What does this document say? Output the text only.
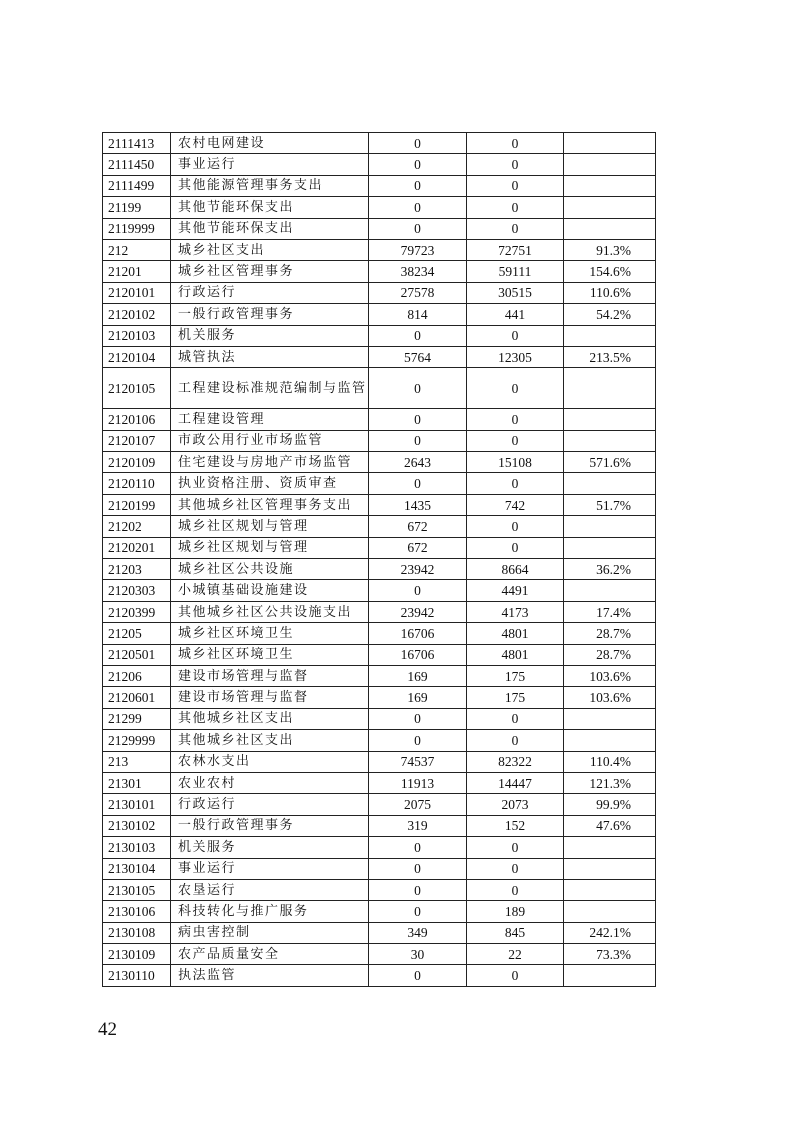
2111413	农村电网建设	0	0	
2111450	事业运行	0	0	
2111499	其他能源管理事务支出	0	0	
21199	其他节能环保支出	0	0	
2119999	其他节能环保支出	0	0	
212	城乡社区支出	79723	72751	91.3%
21201	城乡社区管理事务	38234	59111	154.6%
2120101	行政运行	27578	30515	110.6%
2120102	一般行政管理事务	814	441	54.2%
2120103	机关服务	0	0	
2120104	城管执法	5764	12305	213.5%
2120105	工程建设标准规范编制与监管	0	0	
2120106	工程建设管理	0	0	
2120107	市政公用行业市场监管	0	0	
2120109	住宅建设与房地产市场监管	2643	15108	571.6%
2120110	执业资格注册、资质审查	0	0	
2120199	其他城乡社区管理事务支出	1435	742	51.7%
21202	城乡社区规划与管理	672	0	
2120201	城乡社区规划与管理	672	0	
21203	城乡社区公共设施	23942	8664	36.2%
2120303	小城镇基础设施建设	0	4491	
2120399	其他城乡社区公共设施支出	23942	4173	17.4%
21205	城乡社区环境卫生	16706	4801	28.7%
2120501	城乡社区环境卫生	16706	4801	28.7%
21206	建设市场管理与监督	169	175	103.6%
2120601	建设市场管理与监督	169	175	103.6%
21299	其他城乡社区支出	0	0	
2129999	其他城乡社区支出	0	0	
213	农林水支出	74537	82322	110.4%
21301	农业农村	11913	14447	121.3%
2130101	行政运行	2075	2073	99.9%
2130102	一般行政管理事务	319	152	47.6%
2130103	机关服务	0	0	
2130104	事业运行	0	0	
2130105	农垦运行	0	0	
2130106	科技转化与推广服务	0	189	
2130108	病虫害控制	349	845	242.1%
2130109	农产品质量安全	30	22	73.3%
2130110	执法监管	0	0	
42
